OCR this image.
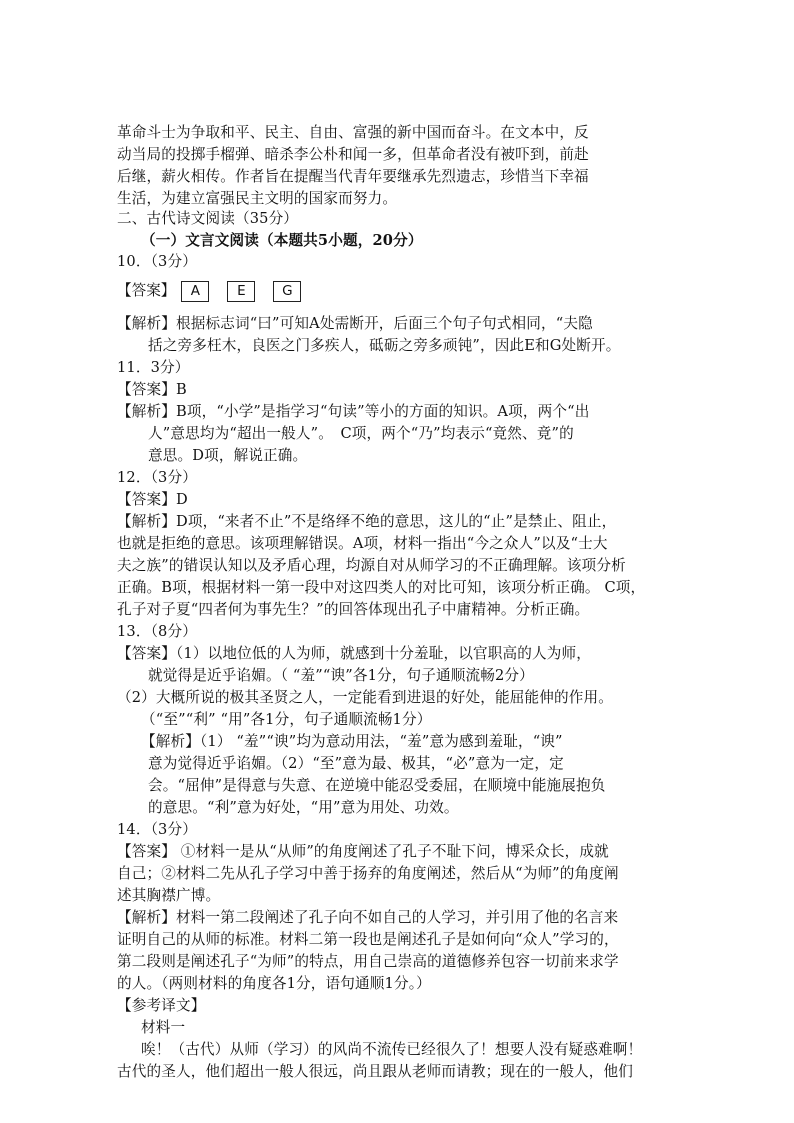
革命斗士为争取和平、民主、自由、富强的新中国而奋斗。在文本中，反
动当局的投掷手榴弹、暗杀李公朴和闻一多，但革命者没有被吓到，前赴
后继，薪火相传。作者旨在提醒当代青年要继承先烈遗志，珍惜当下幸福
生活，为建立富强民主文明的国家而努力。
二、古代诗文阅读（35分）
（一）文言文阅读（本题共5小题，20分）
10．（3分）
【答案】	A	E	G
【解析】根据标志词“曰”可知A处需断开，后面三个句子句式相同，“夫隐
括之旁多枉木，良医之门多疾人，砥砺之旁多顽钝”，因此E和G处断开。
11．3分）
【答案】B
【解析】B项，“小学”是指学习“句读”等小的方面的知识。A项，两个“出
人”意思均为“超出一般人”。　C项，两个“乃”均表示“竟然、竟”的
意思。D项，解说正确。
12．（3分）
【答案】D
【解析】D项，“来者不止”不是络绎不绝的意思，这儿的“止”是禁止、阻止，
也就是拒绝的意思。该项理解错误。A项，材料一指出“今之众人”以及“士大
夫之族”的错误认知以及矛盾心理，均源自对从师学习的不正确理解。该项分析
正确。B项，根据材料一第一段中对这四类人的对比可知，该项分析正确。 C项，
孔子对子夏“四者何为事先生？”的回答体现出孔子中庸精神。分析正确。
13．（8分）
【答案】（1）以地位低的人为师，就感到十分羞耻，以官职高的人为师，
就觉得是近乎谄媚。（ “羞”“谀”各1分，句子通顺流畅2分）
（2）大概所说的极其圣贤之人，一定能看到进退的好处，能屈能伸的作用。
（“至”“利” “用”各1分，句子通顺流畅1分）
【解析】（1） “羞”“谀”均为意动用法，“羞”意为感到羞耻，“谀”
意为觉得近乎谄媚。（2）“至”意为最、极其，“必”意为一定，定
会。“屈伸”是得意与失意、在逆境中能忍受委屈，在顺境中能施展抱负
的意思。“利”意为好处，“用”意为用处、功效。
14．（3分）
【答案】 ①材料一是从“从师”的角度阐述了孔子不耻下问，博采众长，成就
自己；②材料二先从孔子学习中善于扬弃的角度阐述，然后从“为师”的角度阐
述其胸襟广博。
【解析】材料一第二段阐述了孔子向不如自己的人学习，并引用了他的名言来
证明自己的从师的标准。材料二第一段也是阐述孔子是如何向“众人”学习的，
第二段则是阐述孔子“为师”的特点，用自己崇高的道德修养包容一切前来求学
的人。（两则材料的角度各1分，语句通顺1分。）
【参考译文】
材料一
唉！（古代）从师（学习）的风尚不流传已经很久了！想要人没有疑惑难啊！
古代的圣人，他们超出一般人很远，尚且跟从老师而请教；现在的一般人，他们
